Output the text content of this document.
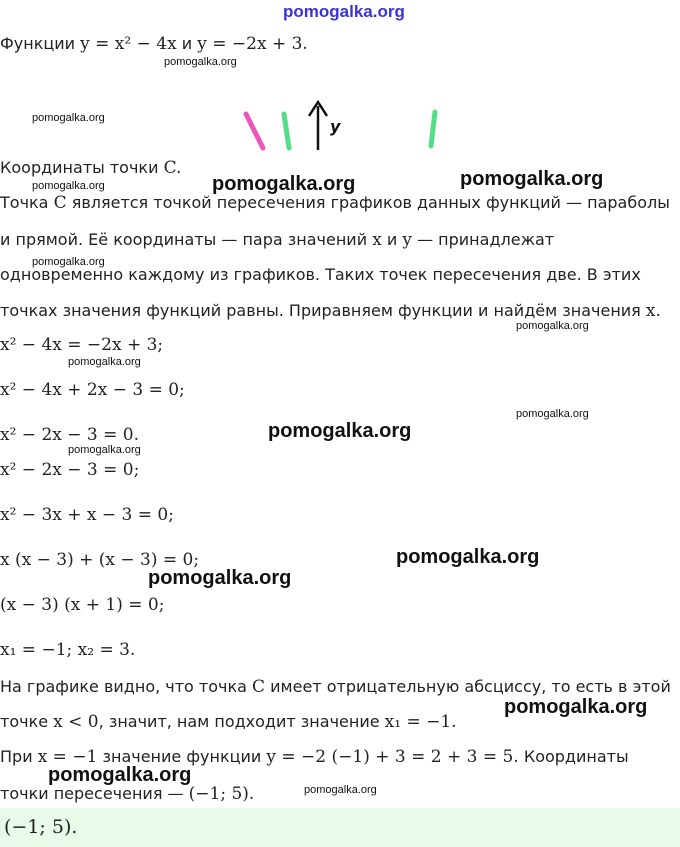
pomogalka.org
Функции y = x² − 4x и y = −2x + 3.
pomogalka.org
pomogalka.org	y
Координаты точки C.
pomogalka.org	pomogalka.org	pomogalka.org
Точка C является точкой пересечения графиков данных функций — параболы
и прямой. Её координаты — пара значений x и y — принадлежат
pomogalka.org
одновременно каждому из графиков. Таких точек пересечения две. В этих
точках значения функций равны. Приравняем функции и найдём значения x.
pomogalka.org
x² − 4x = −2x + 3;
pomogalka.org
x² − 4x + 2x − 3 = 0;
pomogalka.org
x² − 2x − 3 = 0.	pomogalka.org
pomogalka.org
x² − 2x − 3 = 0;
x² − 3x + x − 3 = 0;
x (x − 3) + (x − 3) = 0;	pomogalka.org
pomogalka.org
(x − 3) (x + 1) = 0;
x₁ = −1; x₂ = 3.
На графике видно, что точка C имеет отрицательную абсциссу, то есть в этой
точке x < 0, значит, нам подходит значение x₁ = −1.
pomogalka.org
При x = −1 значение функции y = −2 (−1) + 3 = 2 + 3 = 5. Координаты
pomogalka.org
точки пересечения — (−1; 5).	pomogalka.org
(−1; 5).
